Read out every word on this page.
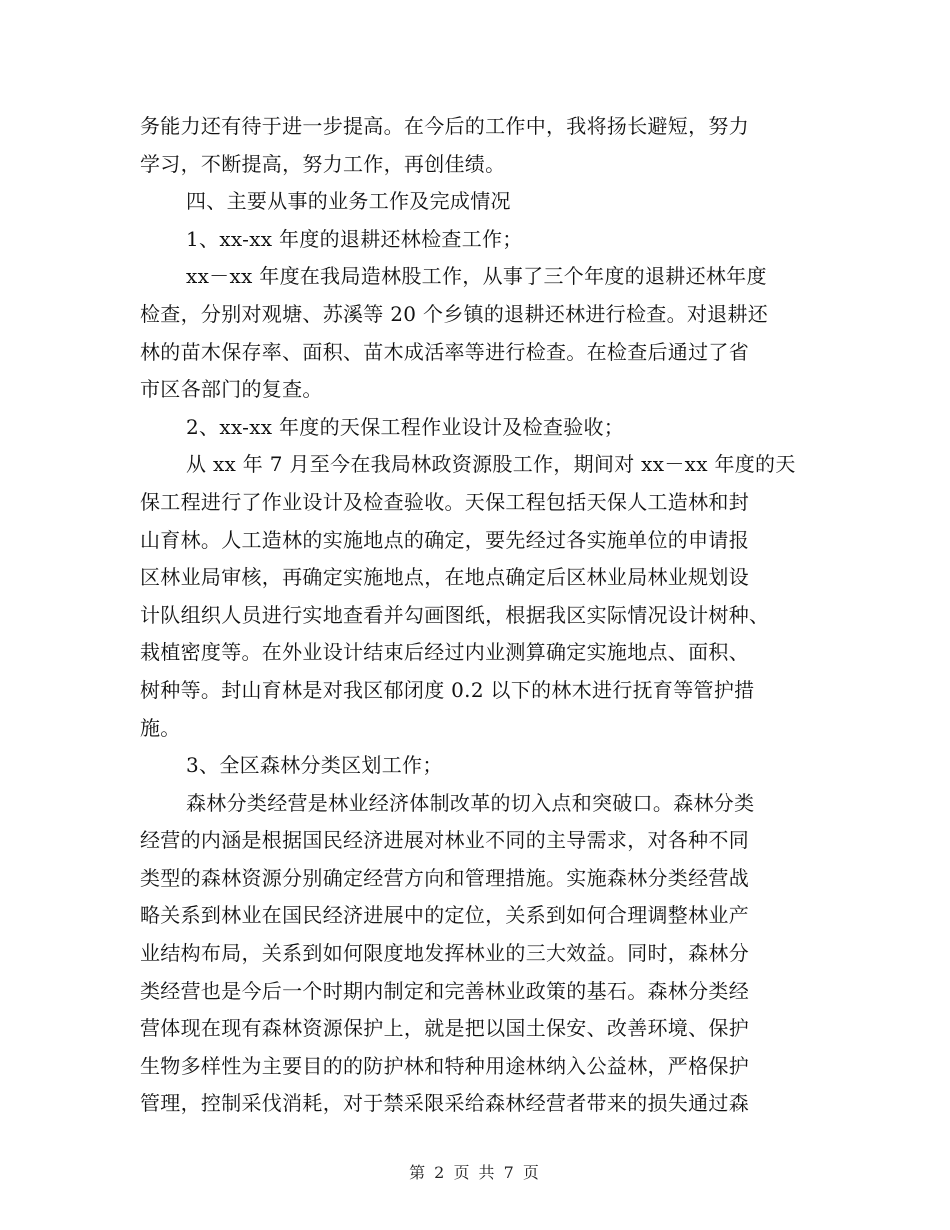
务能力还有待于进一步提高。在今后的工作中，我将扬长避短，努力
学习，不断提高，努力工作，再创佳绩。
四、主要从事的业务工作及完成情况
1、xx-xx 年度的退耕还林检查工作；
xx－xx 年度在我局造林股工作，从事了三个年度的退耕还林年度
检查，分别对观塘、苏溪等 20 个乡镇的退耕还林进行检查。对退耕还
林的苗木保存率、面积、苗木成活率等进行检查。在检查后通过了省
市区各部门的复查。
2、xx-xx 年度的天保工程作业设计及检查验收；
从 xx 年 7 月至今在我局林政资源股工作，期间对 xx－xx 年度的天
保工程进行了作业设计及检查验收。天保工程包括天保人工造林和封
山育林。人工造林的实施地点的确定，要先经过各实施单位的申请报
区林业局审核，再确定实施地点，在地点确定后区林业局林业规划设
计队组织人员进行实地查看并勾画图纸，根据我区实际情况设计树种、
栽植密度等。在外业设计结束后经过内业测算确定实施地点、面积、
树种等。封山育林是对我区郁闭度 0.2 以下的林木进行抚育等管护措
施。
3、全区森林分类区划工作；
森林分类经营是林业经济体制改革的切入点和突破口。森林分类
经营的内涵是根据国民经济进展对林业不同的主导需求，对各种不同
类型的森林资源分别确定经营方向和管理措施。实施森林分类经营战
略关系到林业在国民经济进展中的定位，关系到如何合理调整林业产
业结构布局，关系到如何限度地发挥林业的三大效益。同时，森林分
类经营也是今后一个时期内制定和完善林业政策的基石。森林分类经
营体现在现有森林资源保护上，就是把以国土保安、改善环境、保护
生物多样性为主要目的的防护林和特种用途林纳入公益林，严格保护
管理，控制采伐消耗，对于禁采限采给森林经营者带来的损失通过森
第 2 页 共 7 页
